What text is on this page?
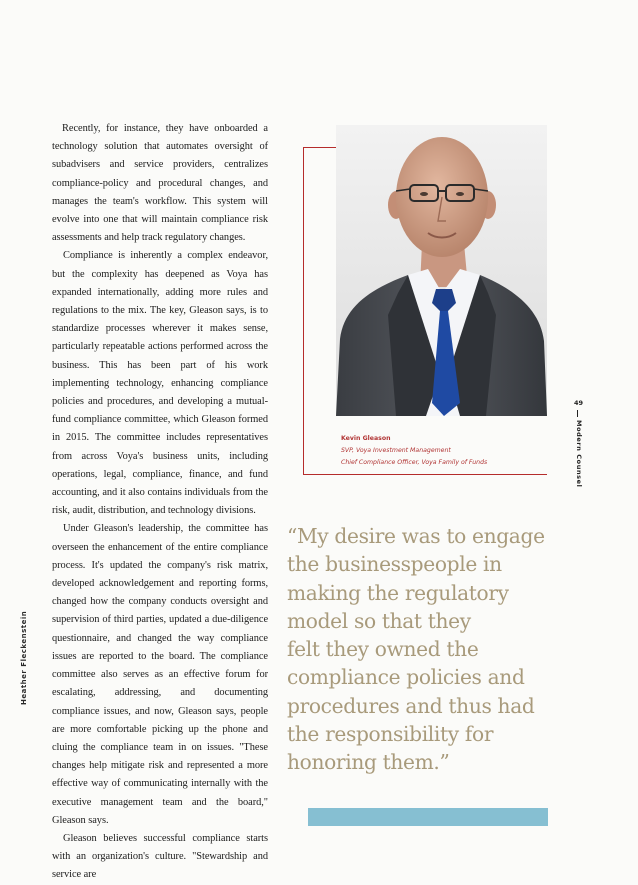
Recently, for instance, they have onboarded a technology solution that automates oversight of subadvisers and service providers, centralizes compliance-policy and procedural changes, and manages the team's workflow. This system will evolve into one that will maintain compliance risk assessments and help track regulatory changes.

Compliance is inherently a complex endeavor, but the complexity has deepened as Voya has expanded internationally, adding more rules and regulations to the mix. The key, Gleason says, is to standardize processes wherever it makes sense, particularly repeatable actions performed across the business. This has been part of his work implementing technology, enhancing compliance policies and procedures, and developing a mutual-fund compliance committee, which Gleason formed in 2015. The committee includes representatives from across Voya's business units, including operations, legal, compliance, finance, and fund accounting, and it also contains individuals from the risk, audit, distribution, and technology divisions.

Under Gleason's leadership, the committee has overseen the enhancement of the entire compliance process. It's updated the company's risk matrix, developed acknowledgement and reporting forms, changed how the company conducts oversight and supervision of third parties, updated a due-diligence questionnaire, and changed the way compliance issues are reported to the board. The compliance committee also serves as an effective forum for escalating, addressing, and documenting compliance issues, and now, Gleason says, people are more comfortable picking up the phone and cluing the compliance team in on issues. "These changes help mitigate risk and represented a more effective way of communicating internally with the executive management team and the board," Gleason says.

Gleason believes successful compliance starts with an organization's culture. "Stewardship and service are

Heather Fleckenstein
Kevin Gleason
SVP, Voya Investment Management
Chief Compliance Officer, Voya Family of Funds
49
Modern Counsel
“My desire was to engage
the businesspeople in
making the regulatory
model so that they
felt they owned the
compliance policies and
procedures and thus had
the responsibility for
honoring them.”
